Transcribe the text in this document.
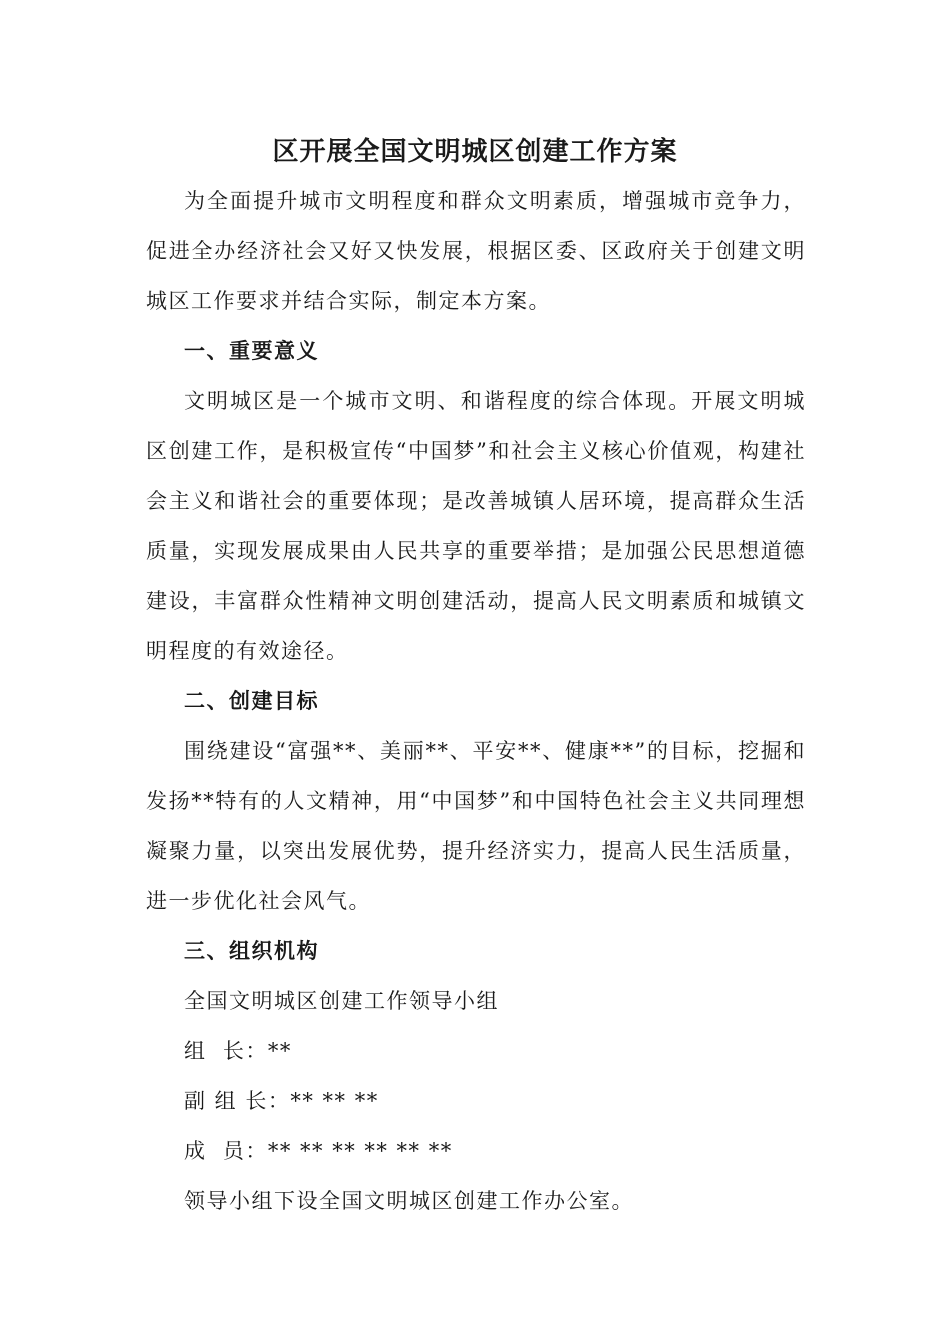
区开展全国文明城区创建工作方案

为全面提升城市文明程度和群众文明素质，增强城市竞争力，促进全办经济社会又好又快发展，根据区委、区政府关于创建文明城区工作要求并结合实际，制定本方案。

一、重要意义

文明城区是一个城市文明、和谐程度的综合体现。开展文明城区创建工作，是积极宣传“中国梦”和社会主义核心价值观，构建社会主义和谐社会的重要体现；是改善城镇人居环境，提高群众生活质量，实现发展成果由人民共享的重要举措；是加强公民思想道德建设，丰富群众性精神文明创建活动，提高人民文明素质和城镇文明程度的有效途径。

二、创建目标

围绕建设“富强**、美丽**、平安**、健康**”的目标，挖掘和发扬**特有的人文精神，用“中国梦”和中国特色社会主义共同理想凝聚力量，以突出发展优势，提升经济实力，提高人民生活质量，进一步优化社会风气。

三、组织机构

全国文明城区创建工作领导小组

组  长：**

副 组 长：** ** **

成  员：** ** ** ** ** **

领导小组下设全国文明城区创建工作办公室。
